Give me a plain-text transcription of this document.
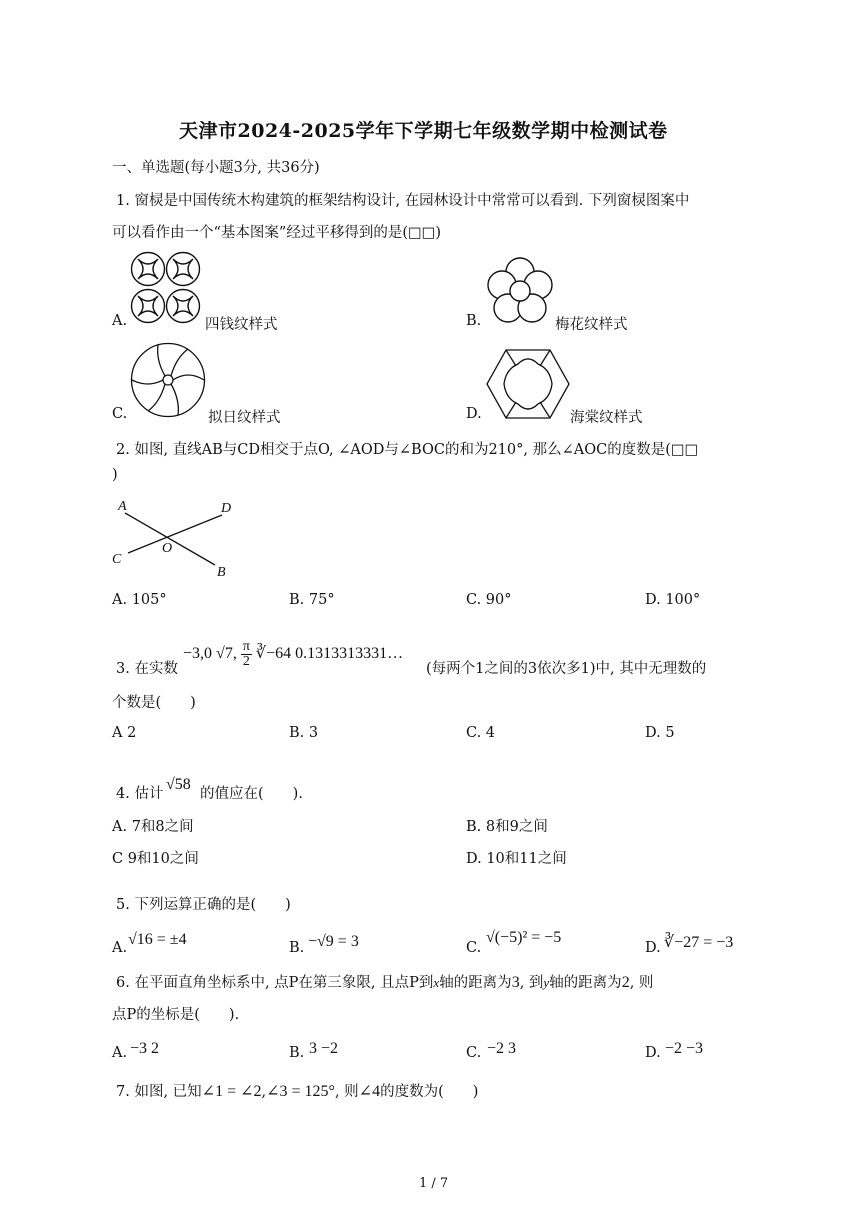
天津市2024-2025学年下学期七年级数学期中检测试卷
一、单选题(每小题3分, 共36分)
1. 窗棂是中国传统木构建筑的框架结构设计, 在园林设计中常常可以看到. 下列窗棂图案中
可以看作由一个“基本图案”经过平移得到的是(□□)
A.	四钱纹样式	B.	梅花纹样式
C.	拟日纹样式	D.	海棠纹样式
2. 如图, 直线AB与CD相交于点O, ∠AOD与∠BOC的和为210°, 那么∠AOC的度数是(□□
)
A
B
C
D
O
A. 105°	B. 75°	C. 90°	D. 100°
3. 在实数
−3,0 √7, $\frac{\pi}{2}$ ∛−64 0.1313313331…
(每两个1之间的3依次多1)中, 其中无理数的
个数是(　　)
A 2	B. 3	C. 4	D. 5
4. 估计
√58
的值应在(　　).
A. 7和8之间	B. 8和9之间
C 9和10之间	D. 10和11之间
5. 下列运算正确的是(　　)
A. √16 = ±4	B. −√9 = 3	C.
√(−5)² = −5
D. ∛−27 = −3
6. 在平面直角坐标系中, 点P在第三象限, 且点P到x轴的距离为3, 到y轴的距离为2, 则
点P的坐标是(　　).
A. −3 2	B. 3 −2	C. −2 3	D. −2 −3
7. 如图, 已知∠1 = ∠2,∠3 = 125°, 则∠4的度数为(　　)
1 / 7
